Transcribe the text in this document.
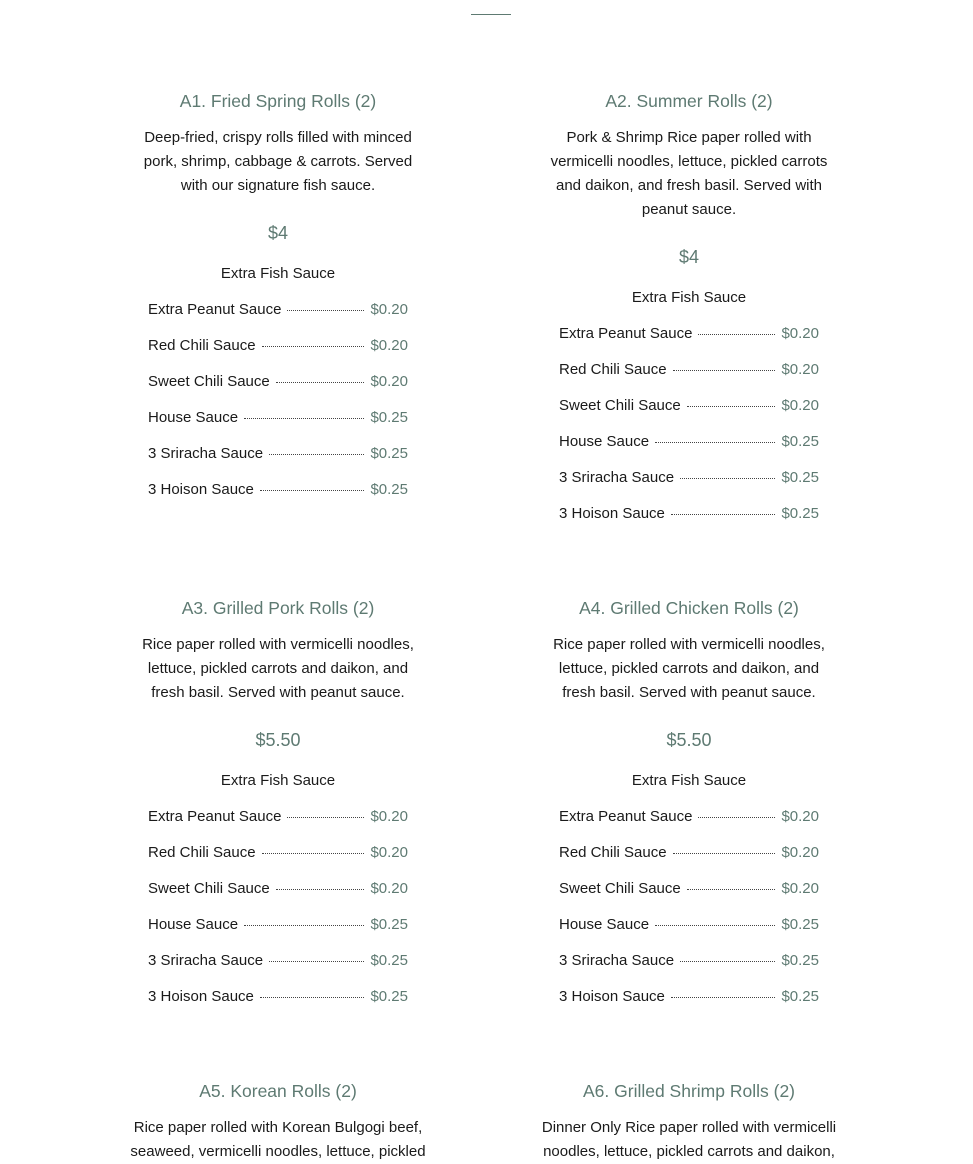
A1. Fried Spring Rolls (2)

Deep-fried, crispy rolls filled with minced pork, shrimp, cabbage & carrots. Served with our signature fish sauce.

$4
Extra Fish Sauce
Extra Peanut Sauce	$0.20
Red Chili Sauce	$0.20
Sweet Chili Sauce	$0.20
House Sauce	$0.25
3 Sriracha Sauce	$0.25
3 Hoison Sauce	$0.25
A2. Summer Rolls (2)

Pork & Shrimp Rice paper rolled with vermicelli noodles, lettuce, pickled carrots and daikon, and fresh basil. Served with peanut sauce.

$4
Extra Fish Sauce
Extra Peanut Sauce	$0.20
Red Chili Sauce	$0.20
Sweet Chili Sauce	$0.20
House Sauce	$0.25
3 Sriracha Sauce	$0.25
3 Hoison Sauce	$0.25
A3. Grilled Pork Rolls (2)

Rice paper rolled with vermicelli noodles, lettuce, pickled carrots and daikon, and fresh basil. Served with peanut sauce.

$5.50
Extra Fish Sauce
Extra Peanut Sauce	$0.20
Red Chili Sauce	$0.20
Sweet Chili Sauce	$0.20
House Sauce	$0.25
3 Sriracha Sauce	$0.25
3 Hoison Sauce	$0.25
A4. Grilled Chicken Rolls (2)

Rice paper rolled with vermicelli noodles, lettuce, pickled carrots and daikon, and fresh basil. Served with peanut sauce.

$5.50
Extra Fish Sauce
Extra Peanut Sauce	$0.20
Red Chili Sauce	$0.20
Sweet Chili Sauce	$0.20
House Sauce	$0.25
3 Sriracha Sauce	$0.25
3 Hoison Sauce	$0.25
A5. Korean Rolls (2)

Rice paper rolled with Korean Bulgogi beef, seaweed, vermicelli noodles, lettuce, pickled

A6. Grilled Shrimp Rolls (2)

Dinner Only Rice paper rolled with vermicelli noodles, lettuce, pickled carrots and daikon,
